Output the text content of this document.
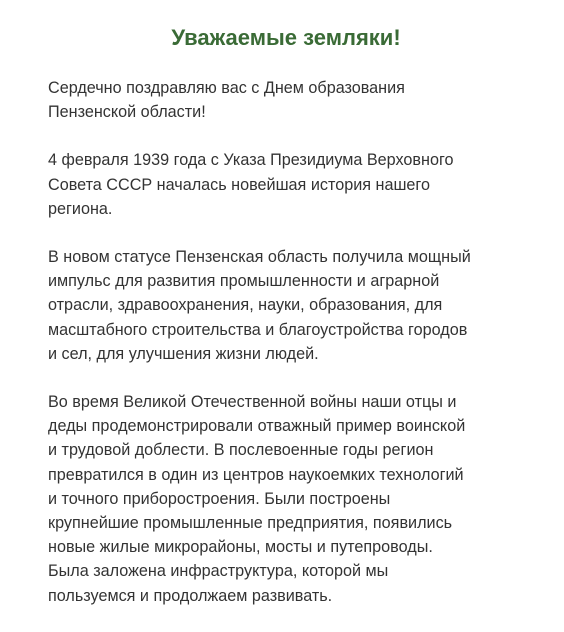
Уважаемые земляки!

Сердечно поздравляю вас с Днем образования
Пензенской области!

4 февраля 1939 года с Указа Президиума Верховного
Совета СССР началась новейшая история нашего
региона.

В новом статусе Пензенская область получила мощный
импульс для развития промышленности и аграрной
отрасли, здравоохранения, науки, образования, для
масштабного строительства и благоустройства городов
и сел, для улучшения жизни людей.

Во время Великой Отечественной войны наши отцы и
деды продемонстрировали отважный пример воинской
и трудовой доблести. В послевоенные годы регион
превратился в один из центров наукоемких технологий
и точного приборостроения. Были построены
крупнейшие промышленные предприятия, появились
новые жилые микрорайоны, мосты и путепроводы.
Была заложена инфраструктура, которой мы
пользуемся и продолжаем развивать.
